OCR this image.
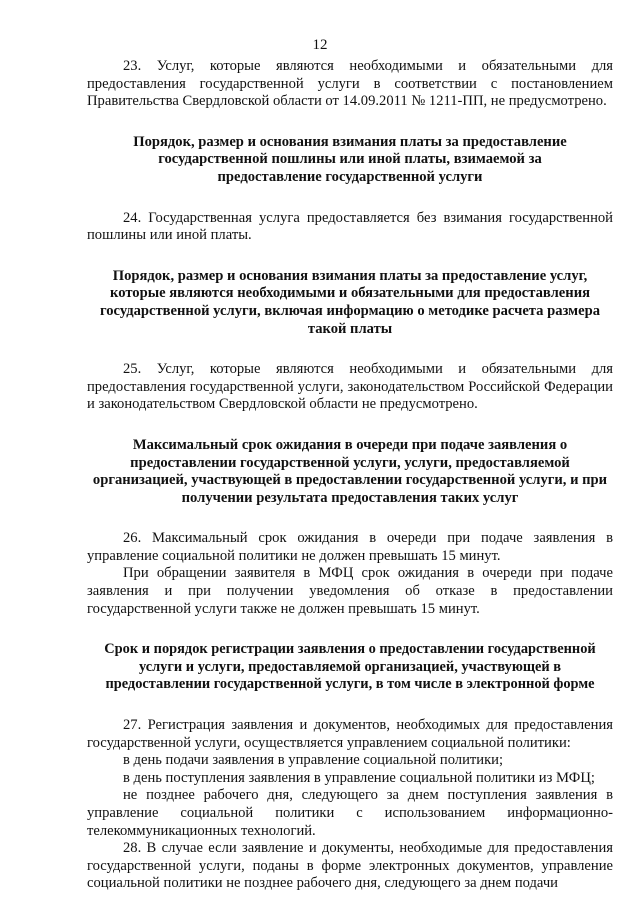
12

23. Услуг, которые являются необходимыми и обязательными для предоставления государственной услуги в соответствии с постановлением Правительства Свердловской области от 14.09.2011 № 1211-ПП, не предусмотрено.

Порядок, размер и основания взимания платы за предоставление государственной пошлины или иной платы, взимаемой за предоставление государственной услуги

24. Государственная услуга предоставляется без взимания государственной пошлины или иной платы.

Порядок, размер и основания взимания платы за предоставление услуг, которые являются необходимыми и обязательными для предоставления государственной услуги, включая информацию о методике расчета размера такой платы

25. Услуг, которые являются необходимыми и обязательными для предоставления государственной услуги, законодательством Российской Федерации и законодательством Свердловской области не предусмотрено.

Максимальный срок ожидания в очереди при подаче заявления о предоставлении государственной услуги, услуги, предоставляемой организацией, участвующей в предоставлении государственной услуги, и при получении результата предоставления таких услуг

26. Максимальный срок ожидания в очереди при подаче заявления в управление социальной политики не должен превышать 15 минут.

При обращении заявителя в МФЦ срок ожидания в очереди при подаче заявления и при получении уведомления об отказе в предоставлении государственной услуги также не должен превышать 15 минут.

Срок и порядок регистрации заявления о предоставлении государственной услуги и услуги, предоставляемой организацией, участвующей в предоставлении государственной услуги, в том числе в электронной форме

27. Регистрация заявления и документов, необходимых для предоставления государственной услуги, осуществляется управлением социальной политики:

в день подачи заявления в управление социальной политики;

в день поступления заявления в управление социальной политики из МФЦ;

не позднее рабочего дня, следующего за днем поступления заявления в управление социальной политики с использованием информационно-телекоммуникационных технологий.

28. В случае если заявление и документы, необходимые для предоставления государственной услуги, поданы в форме электронных документов, управление социальной политики не позднее рабочего дня, следующего за днем подачи
